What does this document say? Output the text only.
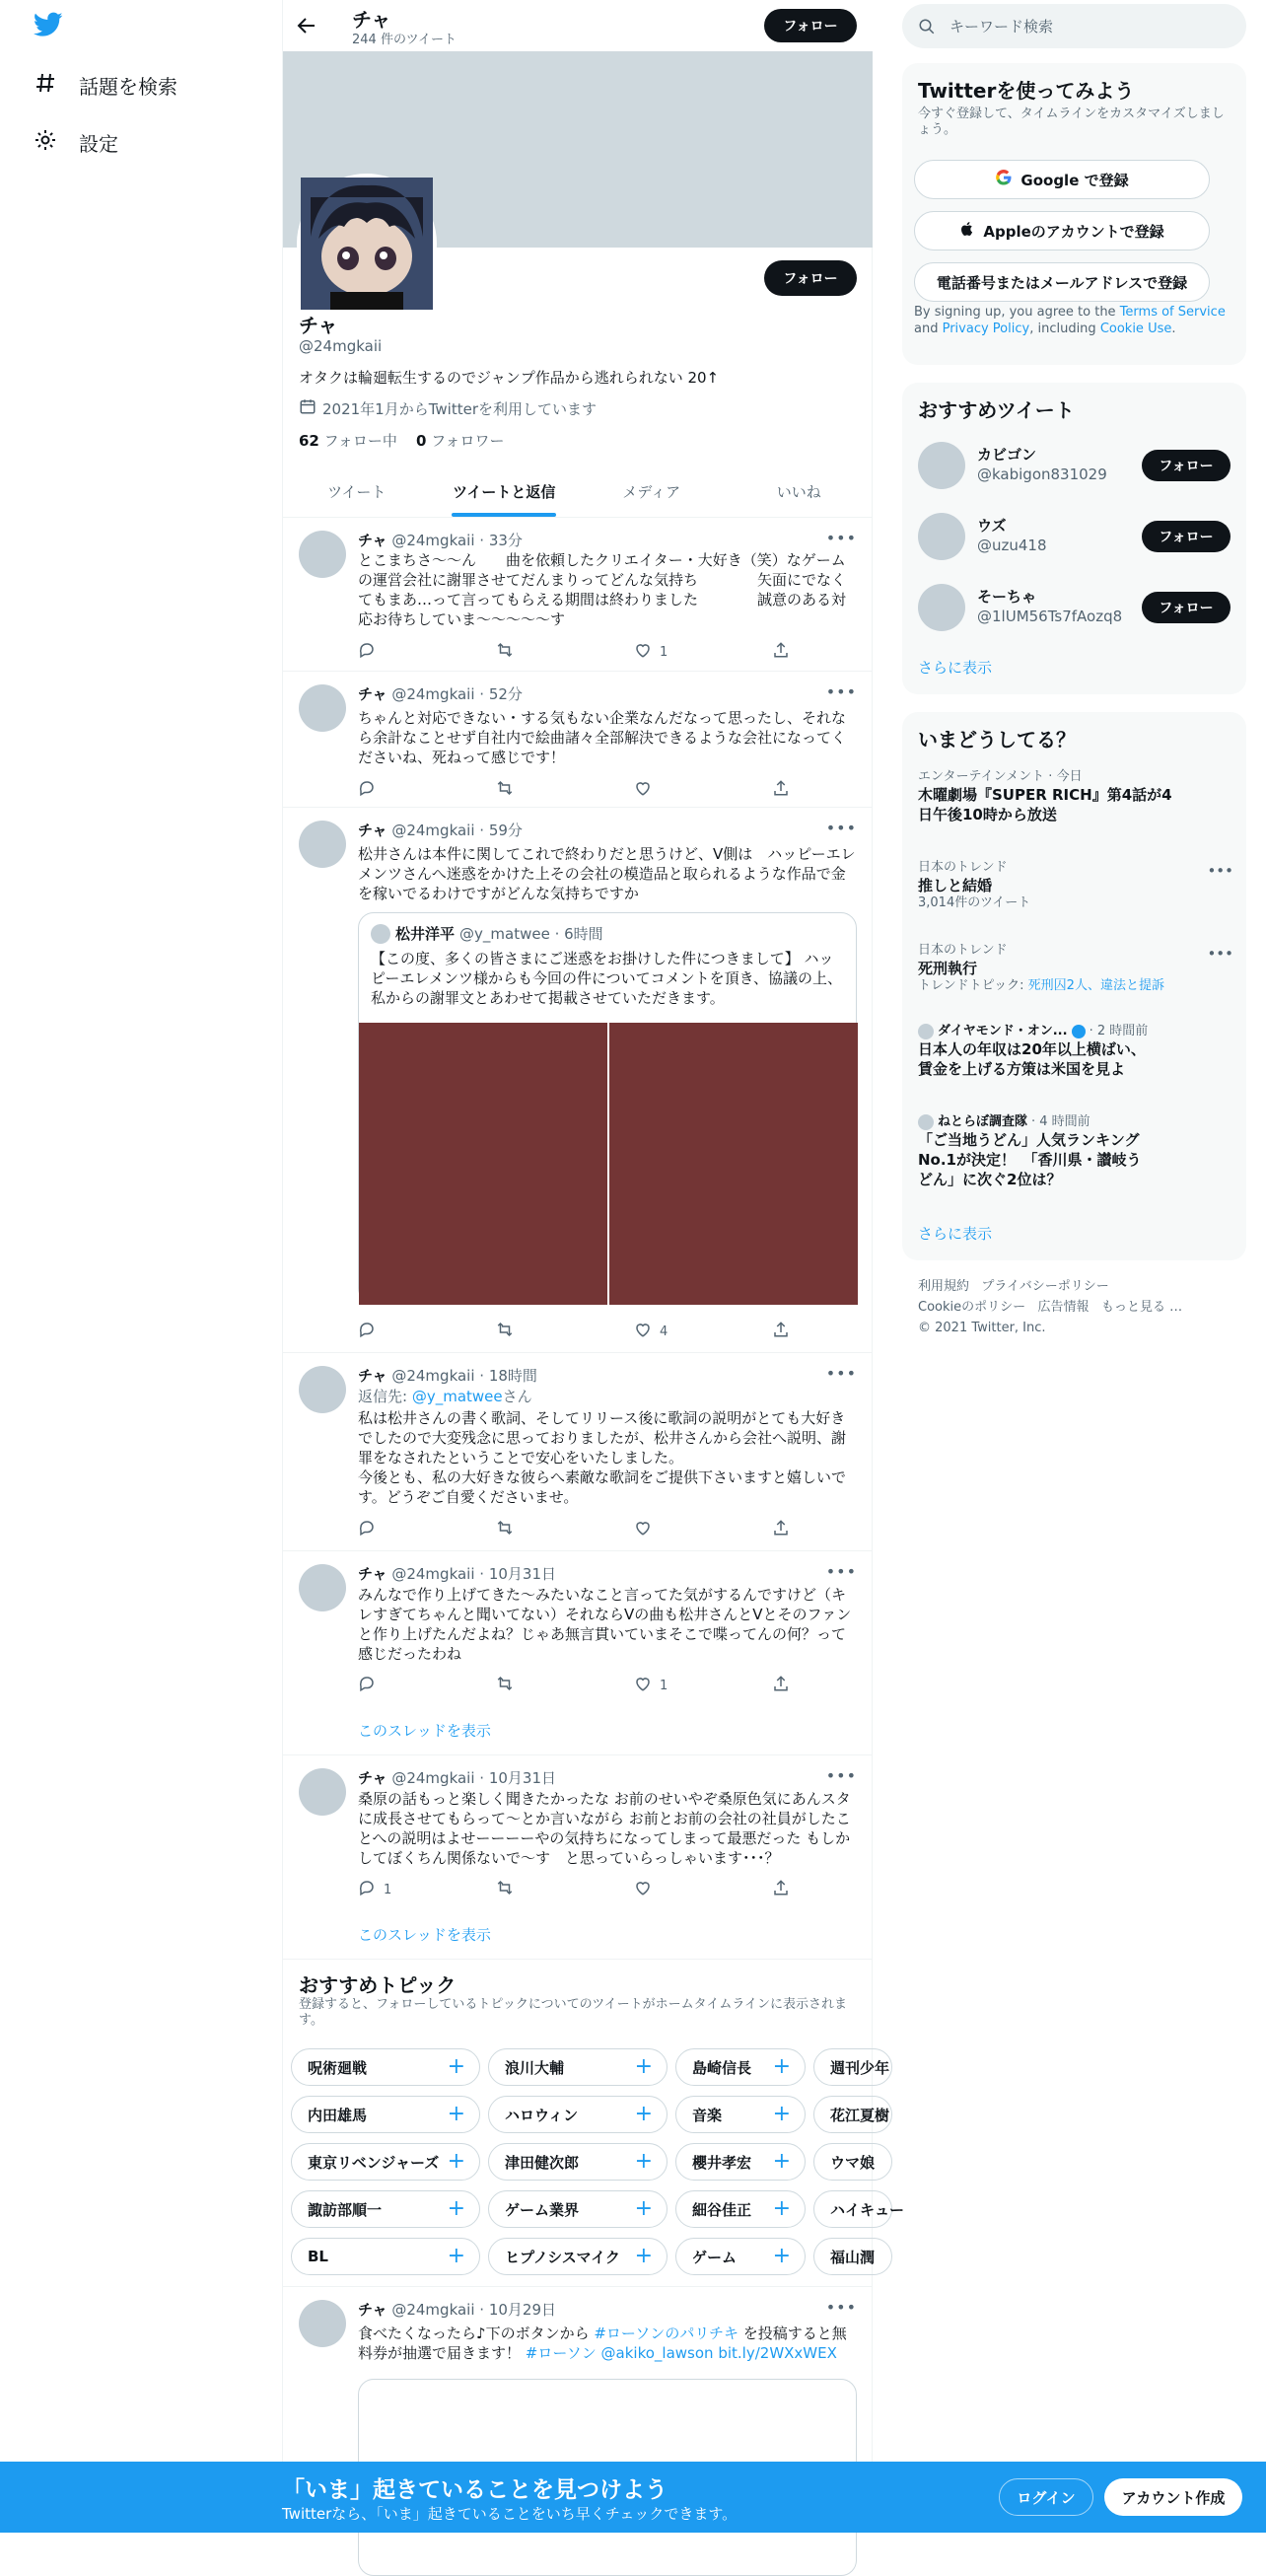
話題を検索
設定
チャ
244 件のツイート
フォロー
フォロー
チャ
@24mgkaii
オタクは輪廻転生するのでジャンプ作品から逃れられない 20↑
2021年1月からTwitterを利用しています
62 フォロー中 0 フォロワー
ツイート	ツイートと返信	メディア	いいね
チャ @24mgkaii · 33分	•••
とこまちさ〜〜ん　　曲を依頼したクリエイター・大好き（笑）なゲームの運営会社に謝罪させてだんまりってどんな気持ち　　　　矢面にでなくてもまあ…って言ってもらえる期間は終わりました　　　　誠意のある対応お待ちしていま〜〜〜〜〜す
1
チャ @24mgkaii · 52分	•••
ちゃんと対応できない・する気もない企業なんだなって思ったし、それなら余計なことせず自社内で絵曲諸々全部解決できるような会社になってくださいね、死ねって感じです！
チャ @24mgkaii · 59分	•••
松井さんは本件に関してこれで終わりだと思うけど、V側は　ハッピーエレメンツさんへ迷惑をかけた上その会社の模造品と取られるような作品で金を稼いでるわけですがどんな気持ちですか
松井洋平 @y_matwee · 6時間
【この度、多くの皆さまにご迷惑をお掛けした件につきまして】 ハッピーエレメンツ様からも今回の件についてコメントを頂き、協議の上、私からの謝罪文とあわせて掲載させていただきます。
4
チャ @24mgkaii · 18時間	•••
返信先: @y_matweeさん
私は松井さんの書く歌詞、そしてリリース後に歌詞の説明がとても大好きでしたので大変残念に思っておりましたが、松井さんから会社へ説明、謝罪をなされたということで安心をいたしました。
今後とも、私の大好きな彼らへ素敵な歌詞をご提供下さいますと嬉しいです。どうぞご自愛くださいませ。
チャ @24mgkaii · 10月31日	•••
みんなで作り上げてきた〜みたいなこと言ってた気がするんですけど（キレすぎてちゃんと聞いてない）それならVの曲も松井さんとVとそのファンと作り上げたんだよね？じゃあ無言貫いていまそこで喋ってんの何？って感じだったわね
1
このスレッドを表示
チャ @24mgkaii · 10月31日	•••
桑原の話もっと楽しく聞きたかったな お前のせいやぞ桑原色気にあんスタに成長させてもらって〜とか言いながら お前とお前の会社の社員がしたことへの説明はよせーーーーやの気持ちになってしまって最悪だった もしかしてぼくちん関係ないで〜す　と思っていらっしゃいます･･･？
1
このスレッドを表示
おすすめトピック
登録すると、フォローしているトピックについてのツイートがホームタイムラインに表示されます。
呪術廻戦	+	浪川大輔	+	島崎信長 +	週刊少年
内田雄馬	+	ハロウィン	+	音楽 +	花江夏樹
東京リベンジャーズ +	津田健次郎	+	櫻井孝宏 +	ウマ娘
諏訪部順一	+	ゲーム業界	+	細谷佳正 +	ハイキュー
BL	+	ヒプノシスマイク +	ゲーム +	福山潤
チャ @24mgkaii · 10月29日	•••
食べたくなったら♪下のボタンから #ローソンのパリチキ を投稿すると無料券が抽選で届きます！ #ローソン @akiko_lawson bit.ly/2WXxWEX
キーワード検索
Twitterを使ってみよう
今すぐ登録して、タイムラインをカスタマイズしましょう。
Google で登録
Appleのアカウントで登録
電話番号またはメールアドレスで登録
By signing up, you agree to the Terms of Service and Privacy Policy, including Cookie Use.
おすすめツイート
カビゴン
@kabigon831029	フォロー
ウズ
@uzu418	フォロー
そーちゃ
@1lUM56Ts7fAozq8	フォロー
さらに表示
いまどうしてる？
エンターテインメント · 今日
木曜劇場『SUPER RICH』第4話が4日午後10時から放送
日本のトレンド
推しと結婚
3,014件のツイート
•••
日本のトレンド
死刑執行
トレンドトピック: 死刑囚2人、違法と提訴
•••
ダイヤモンド・オン... · 2 時間前
日本人の年収は20年以上横ばい、賃金を上げる方策は米国を見よ
ねとらぼ調査隊 · 4 時間前
「ご当地うどん」人気ランキングNo.1が決定！　「香川県・讃岐うどん」に次ぐ2位は？
さらに表示
利用規約 プライバシーポリシー
Cookieのポリシー 広告情報 もっと見る …
© 2021 Twitter, Inc.
「いま」起きていることを見つけよう
Twitterなら、「いま」起きていることをいち早くチェックできます。
ログイン	アカウント作成
